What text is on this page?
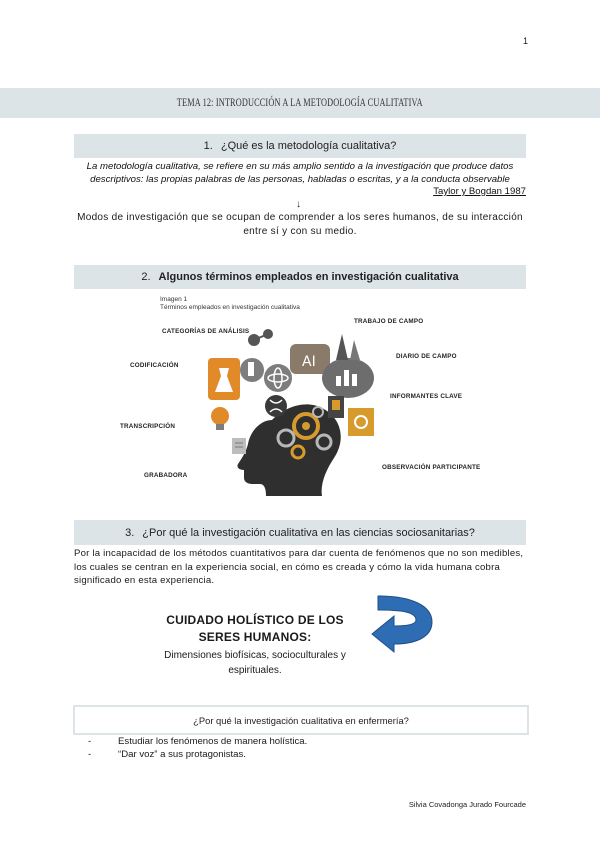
1
TEMA 12: INTRODUCCIÓN A LA METODOLOGÍA CUALITATIVA
1. ¿Qué es la metodología cualitativa?
La metodología cualitativa, se refiere en su más amplio sentido a la investigación que produce datos
descriptivos: las propias palabras de las personas, habladas o escritas, y a la conducta observable
Taylor y Bogdan 1987
↓
Modos de investigación que se ocupan de comprender a los seres humanos, de su interacción
entre sí y con su medio.
2. Algunos términos empleados en investigación cualitativa
Imagen 1
Términos empleados en investigación cualitativa
CATEGORÍAS DE ANÁLISIS
TRABAJO DE CAMPO
CODIFICACIÓN
DIARIO DE CAMPO
INFORMANTES CLAVE
TRANSCRIPCIÓN
OBSERVACIÓN PARTICIPANTE
GRABADORA
AI
3. ¿Por qué la investigación cualitativa en las ciencias sociosanitarias?
Por la incapacidad de los métodos cuantitativos para dar cuenta de fenómenos que no son medibles,
los cuales se centran en la experiencia social, en cómo es creada y cómo la vida humana cobra
significado en esta experiencia.
CUIDADO HOLÍSTICO DE LOS
SERES HUMANOS:
Dimensiones biofísicas, socioculturales y
espirituales.
¿Por qué la investigación cualitativa en enfermería?
-	Estudiar los fenómenos de manera holística.
-	“Dar voz” a sus protagonistas.
Silvia Covadonga Jurado Fourcade
